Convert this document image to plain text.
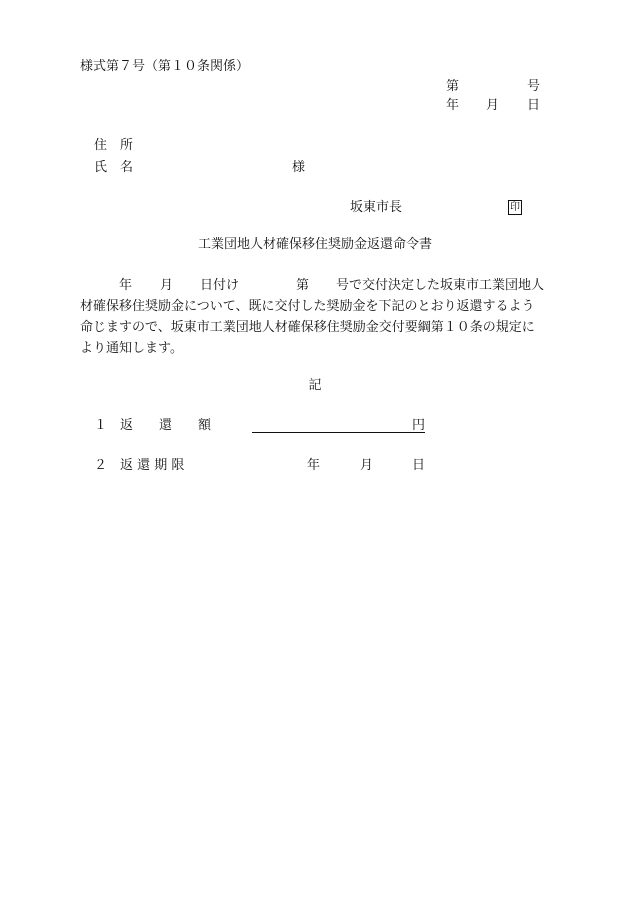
様式第７号（第１０条関係）
第	号
年 月 日
住　所
氏　名	様
坂東市長	印
工業団地人材確保移住奨励金返還命令書
年 月 日付け	第 号で交付決定した坂東市工業団地人
材確保移住奨励金について、既に交付した奨励金を下記のとおり返還するよう
命じますので、坂東市工業団地人材確保移住奨励金交付要綱第１０条の規定に
より通知します。
記
１ 返　　還　　額	円
２ 返 還 期 限	年	月	日
